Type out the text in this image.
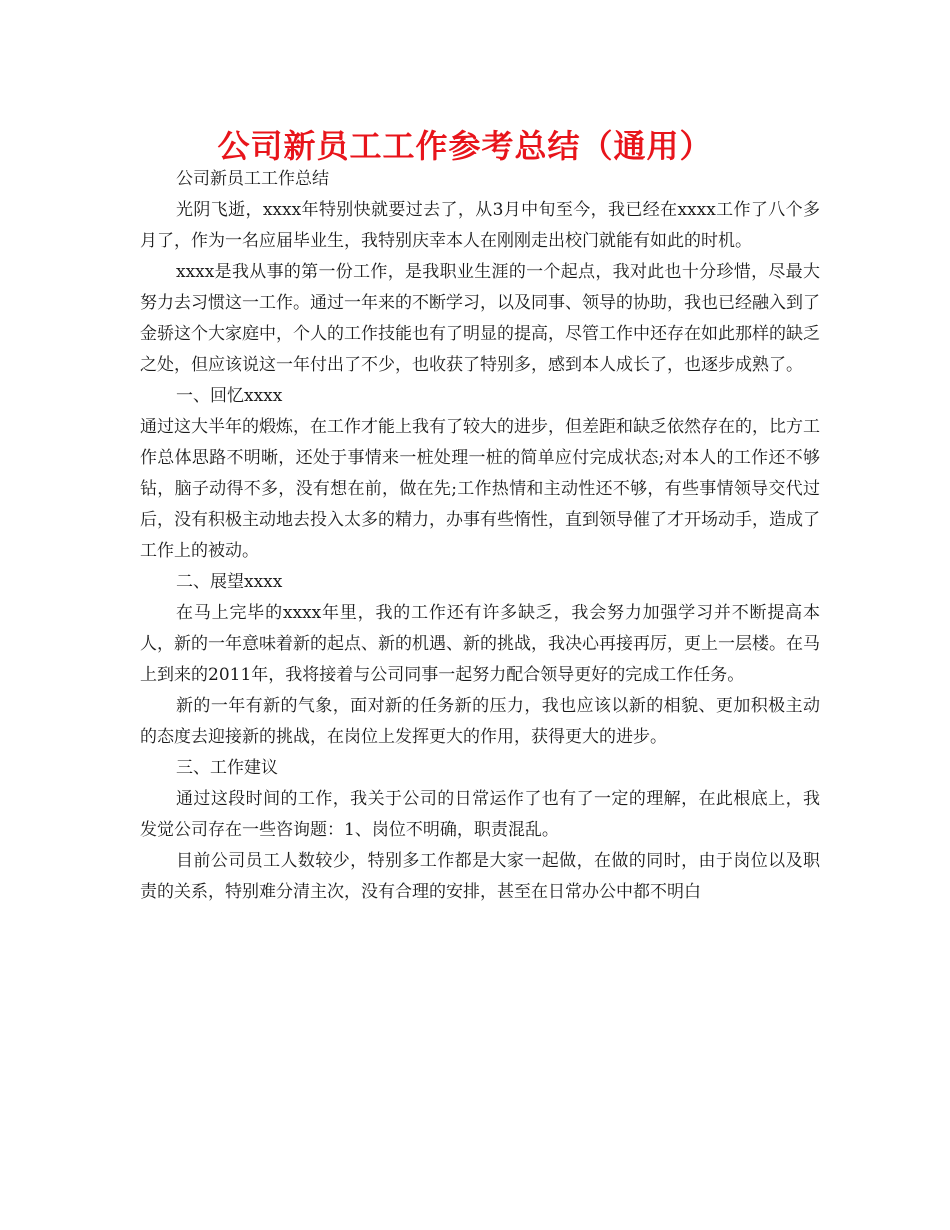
公司新员工工作参考总结（通用）

公司新员工工作总结

光阴飞逝，xxxx年特别快就要过去了，从3月中旬至今，我已经在xxxx工作了八个多月了，作为一名应届毕业生，我特别庆幸本人在刚刚走出校门就能有如此的时机。

xxxx是我从事的第一份工作，是我职业生涯的一个起点，我对此也十分珍惜，尽最大努力去习惯这一工作。通过一年来的不断学习，以及同事、领导的协助，我也已经融入到了金骄这个大家庭中，个人的工作技能也有了明显的提高，尽管工作中还存在如此那样的缺乏之处，但应该说这一年付出了不少，也收获了特别多，感到本人成长了，也逐步成熟了。

一、回忆xxxx

通过这大半年的煅炼，在工作才能上我有了较大的进步，但差距和缺乏依然存在的，比方工作总体思路不明晰，还处于事情来一桩处理一桩的简单应付完成状态;对本人的工作还不够钻，脑子动得不多，没有想在前，做在先;工作热情和主动性还不够，有些事情领导交代过后，没有积极主动地去投入太多的精力，办事有些惰性，直到领导催了才开场动手，造成了工作上的被动。

二、展望xxxx

在马上完毕的xxxx年里，我的工作还有许多缺乏，我会努力加强学习并不断提高本人，新的一年意味着新的起点、新的机遇、新的挑战，我决心再接再厉，更上一层楼。在马上到来的2011年，我将接着与公司同事一起努力配合领导更好的完成工作任务。

新的一年有新的气象，面对新的任务新的压力，我也应该以新的相貌、更加积极主动的态度去迎接新的挑战，在岗位上发挥更大的作用，获得更大的进步。

三、工作建议

通过这段时间的工作，我关于公司的日常运作了也有了一定的理解，在此根底上，我发觉公司存在一些咨询题：1、岗位不明确，职责混乱。

目前公司员工人数较少，特别多工作都是大家一起做，在做的同时，由于岗位以及职责的关系，特别难分清主次，没有合理的安排，甚至在日常办公中都不明白
